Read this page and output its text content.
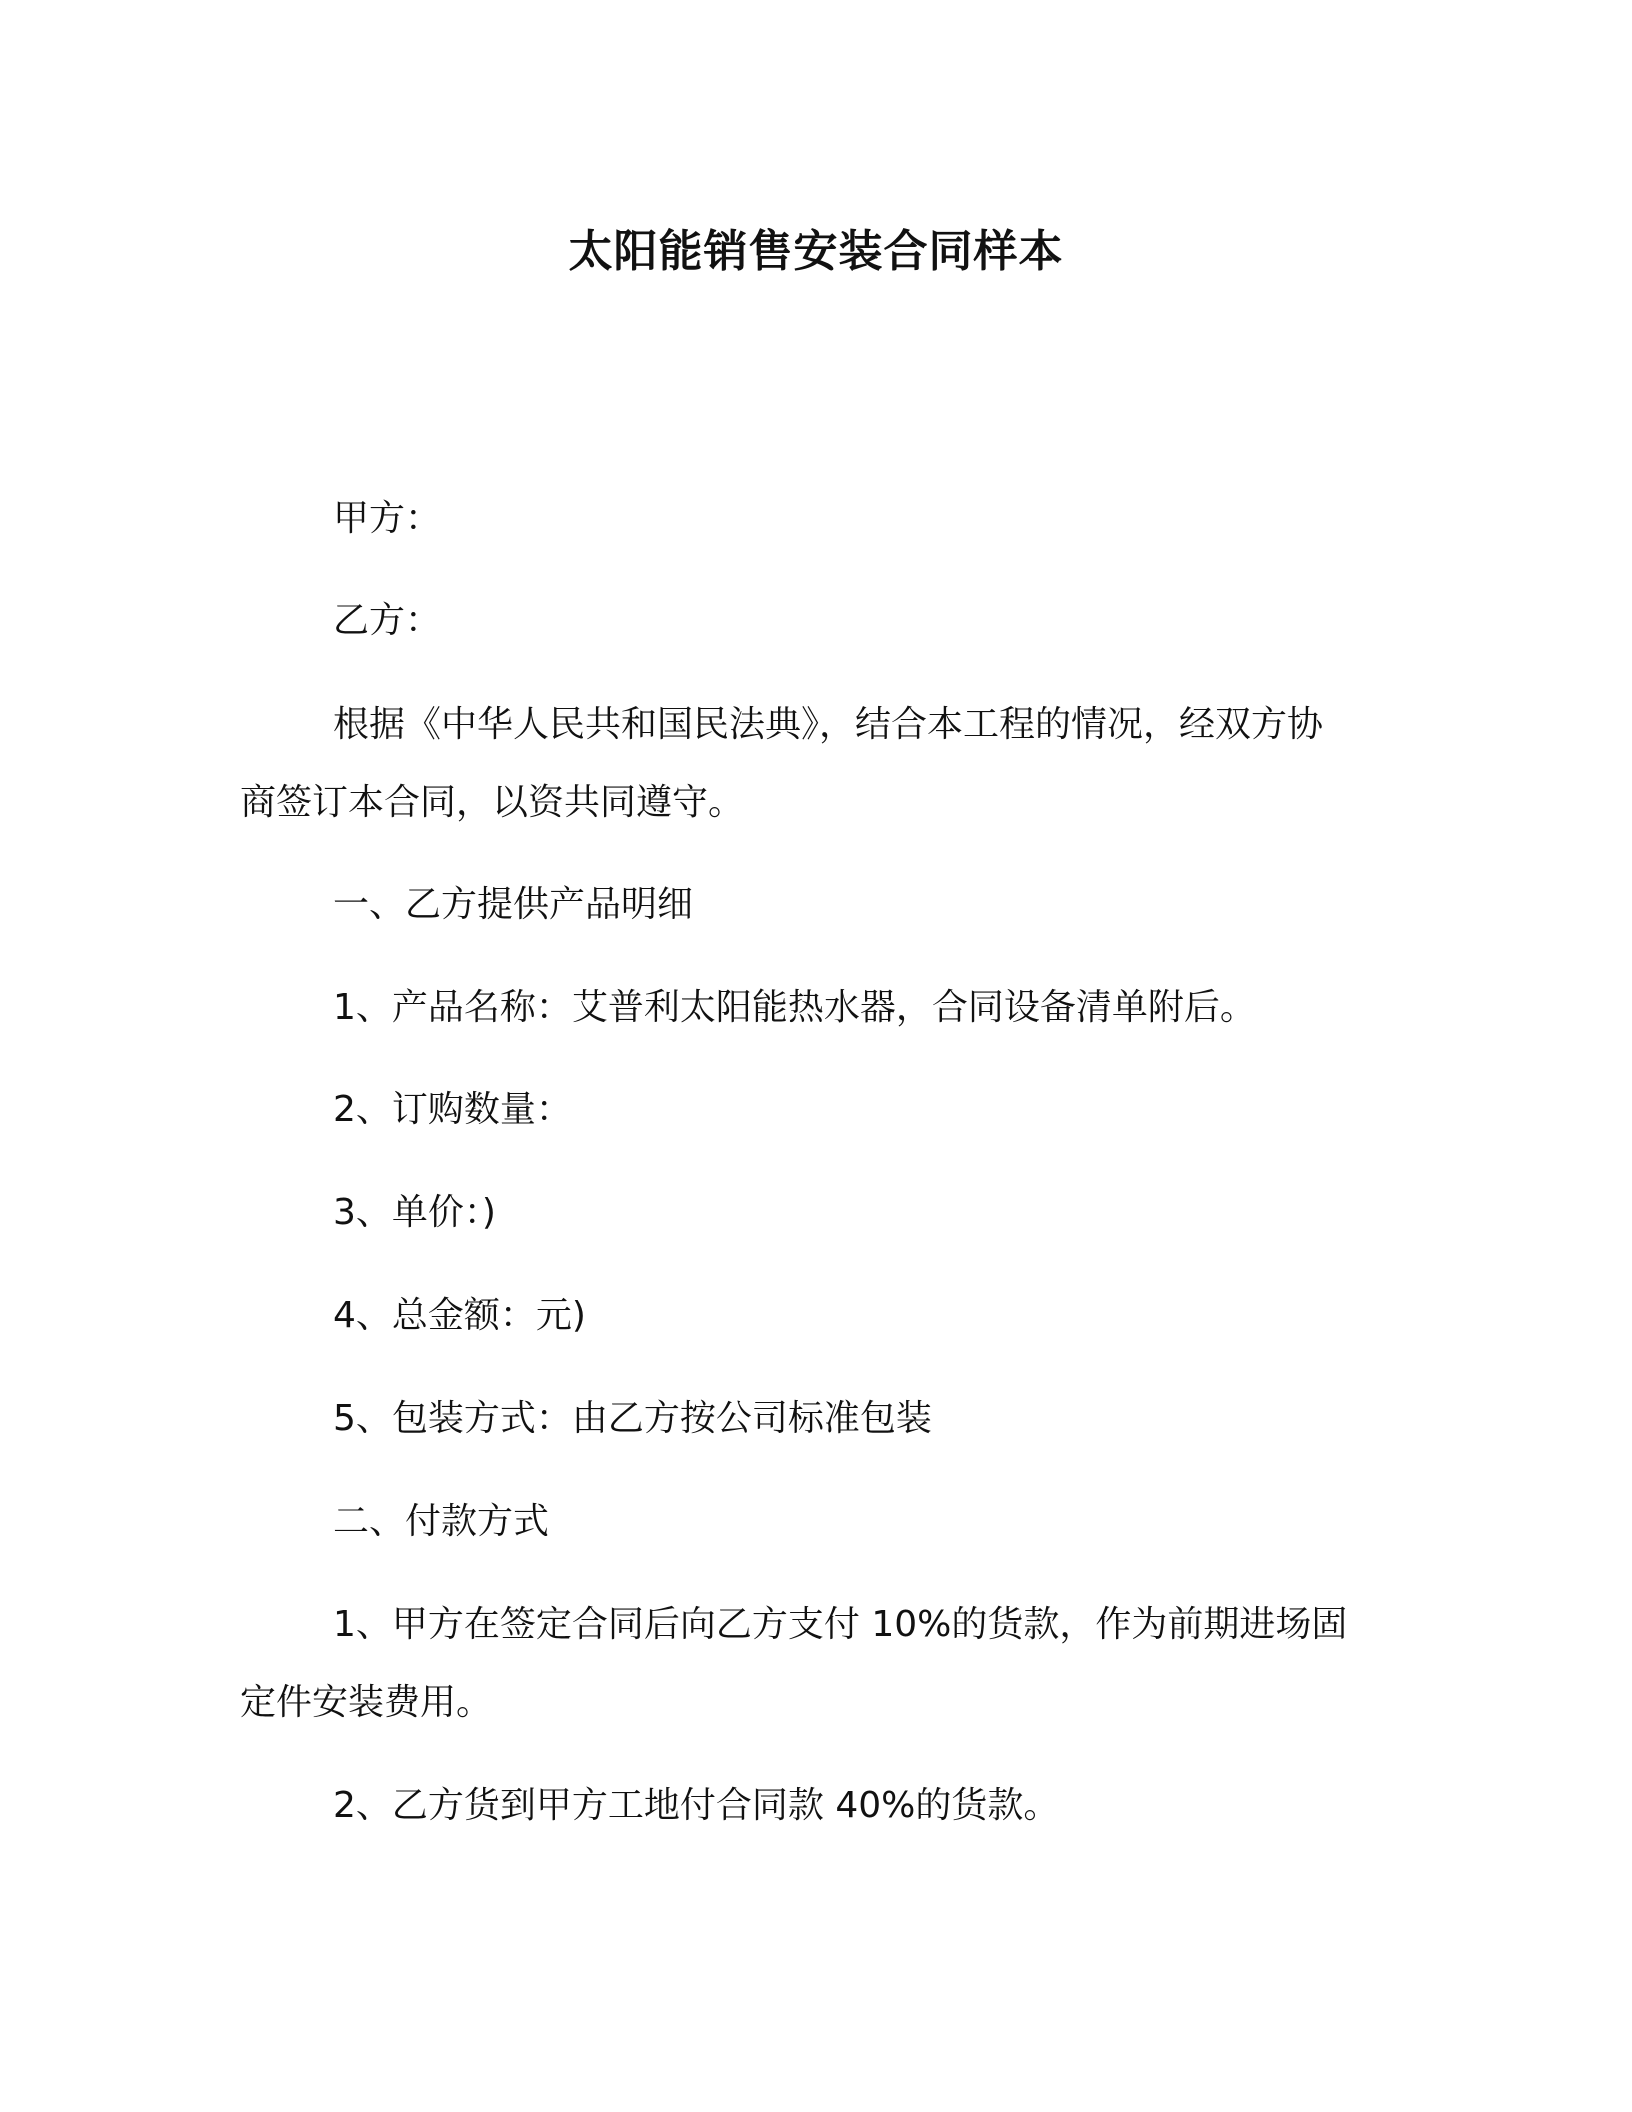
太阳能销售安装合同样本
甲方：
乙方：
根据《中华人民共和国民法典》，结合本工程的情况，经双方协
商签订本合同，以资共同遵守。
一、乙方提供产品明细
1、产品名称：艾普利太阳能热水器，合同设备清单附后。
2、订购数量：
3、单价：)
4、总金额：元)
5、包装方式：由乙方按公司标准包装
二、付款方式
1、甲方在签定合同后向乙方支付 10%的货款，作为前期进场固
定件安装费用。
2、乙方货到甲方工地付合同款 40%的货款。
